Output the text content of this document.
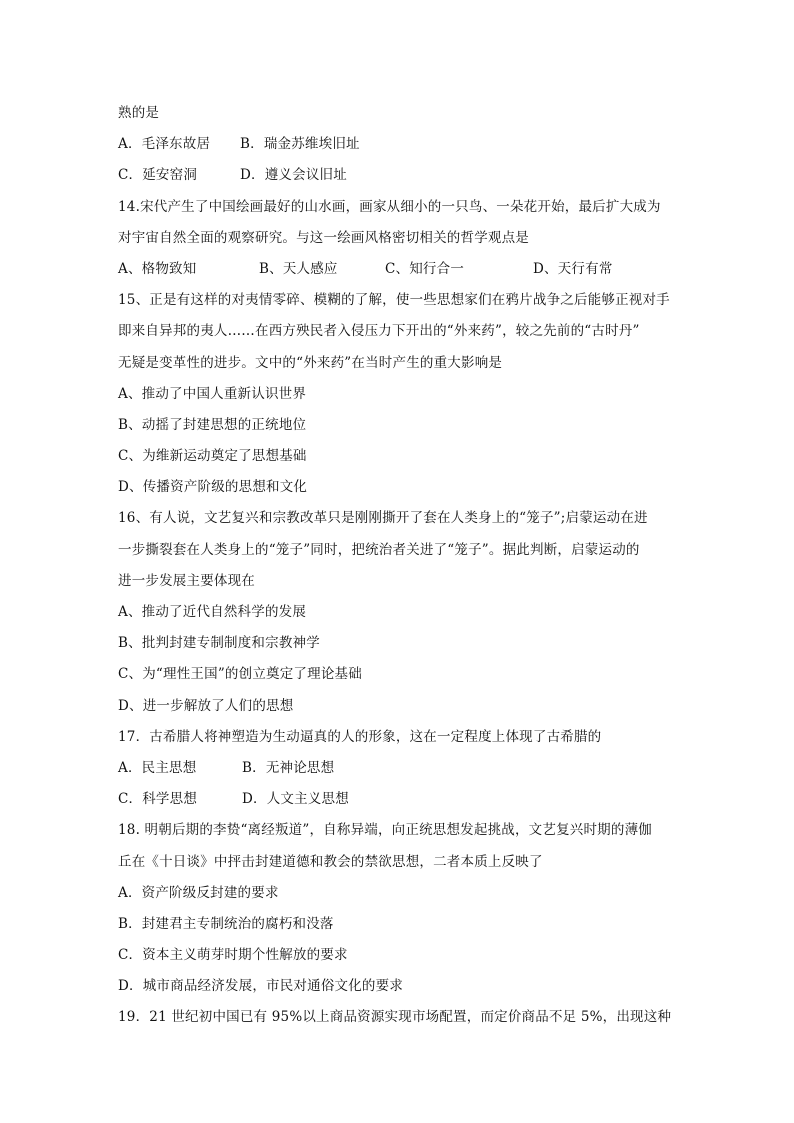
熟的是
A．毛泽东故居	B．瑞金苏维埃旧址
C．延安窑洞	D．遵义会议旧址
14.宋代产生了中国绘画最好的山水画，画家从细小的一只鸟、一朵花开始，最后扩大成为
对宇宙自然全面的观察研究。与这一绘画风格密切相关的哲学观点是
A、格物致知	B、天人感应	C、知行合一	D、天行有常
15、正是有这样的对夷情零碎、模糊的了解，使一些思想家们在鸦片战争之后能够正视对手
即来自异邦的夷人……在西方殃民者入侵压力下开出的“外来药”，较之先前的“古时丹”
无疑是变革性的进步。文中的“外来药”在当时产生的重大影响是
A、推动了中国人重新认识世界
B、动摇了封建思想的正统地位
C、为维新运动奠定了思想基础
D、传播资产阶级的思想和文化
16、有人说，文艺复兴和宗教改革只是刚刚撕开了套在人类身上的“笼子”;启蒙运动在进
一步撕裂套在人类身上的“笼子”同时，把统治者关进了“笼子”。据此判断，启蒙运动的
进一步发展主要体现在
A、推动了近代自然科学的发展
B、批判封建专制制度和宗教神学
C、为“理性王国”的创立奠定了理论基础
D、进一步解放了人们的思想
17．古希腊人将神塑造为生动逼真的人的形象，这在一定程度上体现了古希腊的
A．民主思想	B．无神论思想
C．科学思想	D．人文主义思想
18. 明朝后期的李贽“离经叛道”，自称异端，向正统思想发起挑战，文艺复兴时期的薄伽
丘在《十日谈》中抨击封建道德和教会的禁欲思想，二者本质上反映了
A．资产阶级反封建的要求
B．封建君主专制统治的腐朽和没落
C．资本主义萌芽时期个性解放的要求
D．城市商品经济发展，市民对通俗文化的要求
19．21 世纪初中国已有 95%以上商品资源实现市场配置，而定价商品不足 5%，出现这种
